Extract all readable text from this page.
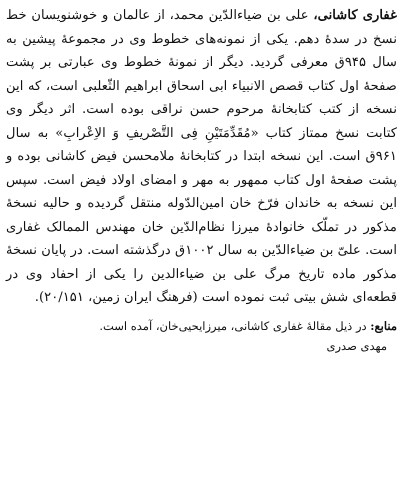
غفاری کاشانی، علی بن ضیاءالدّین محمد، از عالمان و خوشنویسان خط نسخ در سدهٔ دهم. یکی از نمونه‌های خطوط وی در مجموعهٔ پیشین به سال ۹۴۵ق معرفی گردید. دیگر از نمونهٔ خطوط وی عبارتی بر پشت صفحهٔ اول کتاب قصص الانبیاء ابی اسحاق ابراهیم الثّعلبی است، که این نسخه از کتب کتابخانهٔ مرحوم حسن نراقی بوده است. اثر دیگر وی کتابت نسخ ممتاز کتاب «مُقَدِّمَتَیْنِ فِی التَّصْریفِ وَ الاِعْرابِ» به سال ۹۶۱ق است. این نسخه ابتدا در کتابخانهٔ ملامحسن فیض کاشانی بوده و پشت صفحهٔ اول کتاب ممهور به مهر و امضای اولاد فیض است. سپس این نسخه به خاندان فرّخ خان امین‌الدّوله منتقل گردیده و حالیه نسخهٔ مذکور در تملّک خانوادهٔ میرزا نظام‌الدّین خان مهندس الممالک غفاری است. علیّ بن ضیاءالدّین به سال ۱۰۰۲ق درگذشته است. در پایان نسخهٔ مذکور ماده تاریخ مرگ علی بن ضیاءالدین را یکی از احفاد وی در قطعه‌ای شش بیتی ثبت نموده است (فرهنگ ایران زمین، ۲۰/۱۵۱).

منابع: در ذیل مقالهٔ غفاری کاشانی، میرزایحیی‌خان، آمده است.

مهدی صدری
